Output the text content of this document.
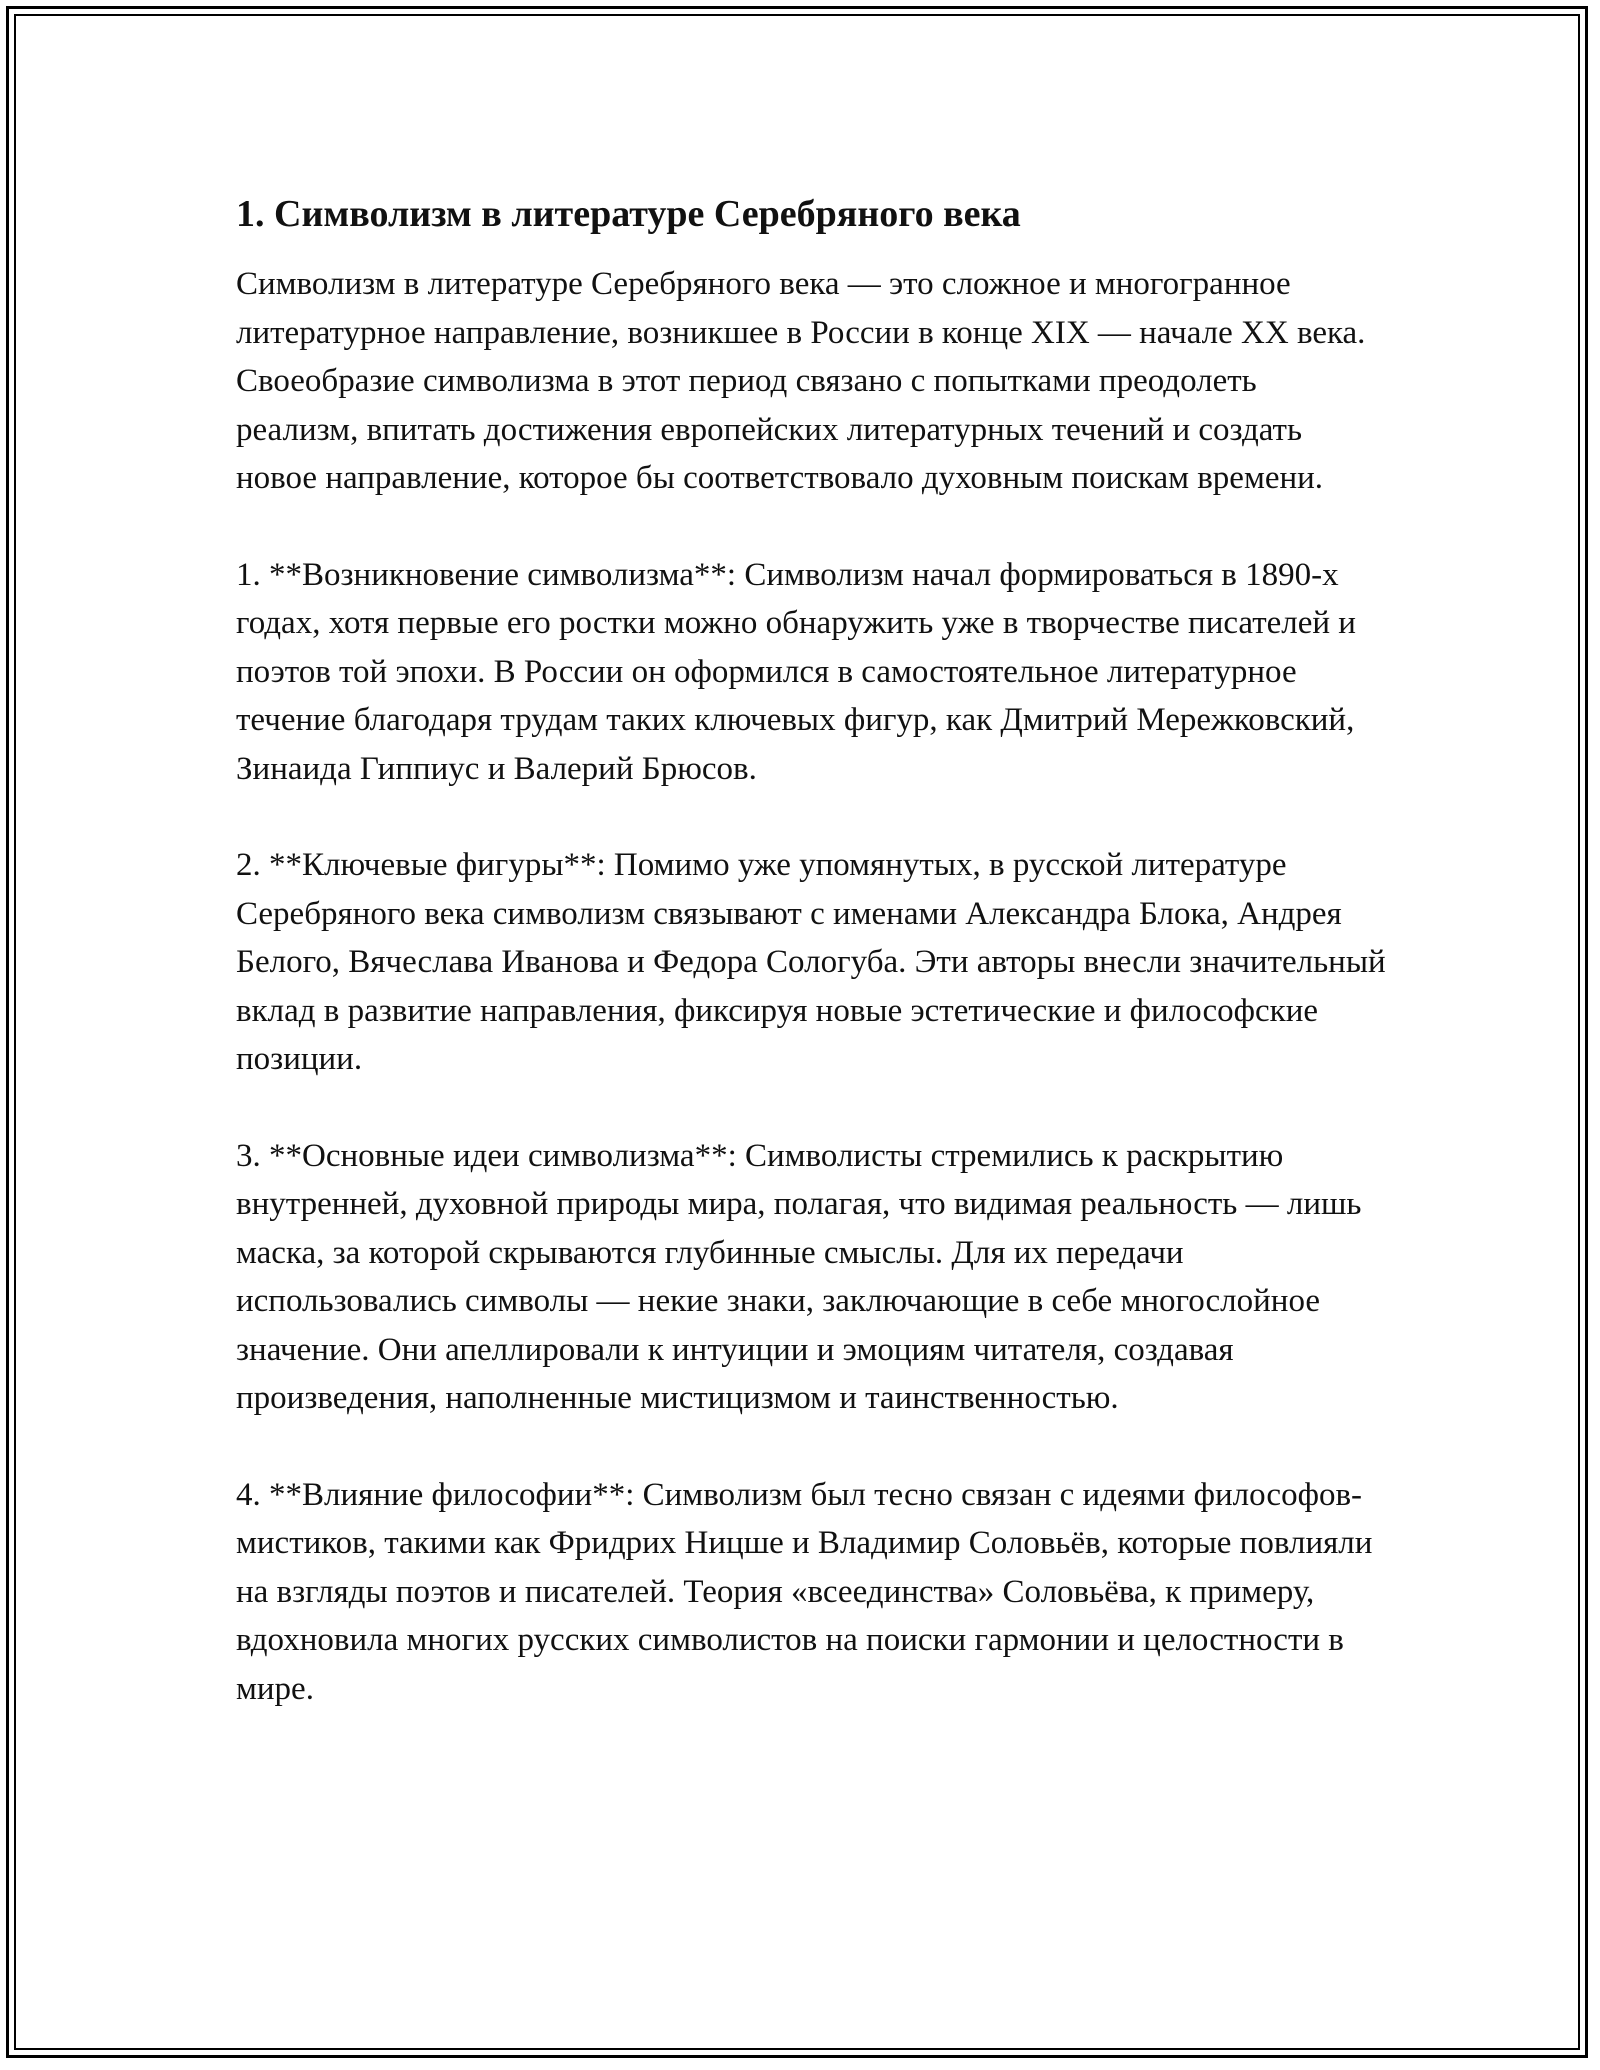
1. Символизм в литературе Серебряного века

Символизм в литературе Серебряного века — это сложное и многогранное литературное направление, возникшее в России в конце XIX — начале XX века. Своеобразие символизма в этот период связано с попытками преодолеть реализм, впитать достижения европейских литературных течений и создать новое направление, которое бы соответствовало духовным поискам времени.

1. **Возникновение символизма**: Символизм начал формироваться в 1890-х годах, хотя первые его ростки можно обнаружить уже в творчестве писателей и поэтов той эпохи. В России он оформился в самостоятельное литературное течение благодаря трудам таких ключевых фигур, как Дмитрий Мережковский, Зинаида Гиппиус и Валерий Брюсов.

2. **Ключевые фигуры**: Помимо уже упомянутых, в русской литературе Серебряного века символизм связывают с именами Александра Блока, Андрея Белого, Вячеслава Иванова и Федора Сологуба. Эти авторы внесли значительный вклад в развитие направления, фиксируя новые эстетические и философские позиции.

3. **Основные идеи символизма**: Символисты стремились к раскрытию внутренней, духовной природы мира, полагая, что видимая реальность — лишь маска, за которой скрываются глубинные смыслы. Для их передачи использовались символы — некие знаки, заключающие в себе многослойное значение. Они апеллировали к интуиции и эмоциям читателя, создавая произведения, наполненные мистицизмом и таинственностью.

4. **Влияние философии**: Символизм был тесно связан с идеями философов-мистиков, такими как Фридрих Ницше и Владимир Соловьёв, которые повлияли на взгляды поэтов и писателей. Теория «всеединства» Соловьёва, к примеру, вдохновила многих русских символистов на поиски гармонии и целостности в мире.
